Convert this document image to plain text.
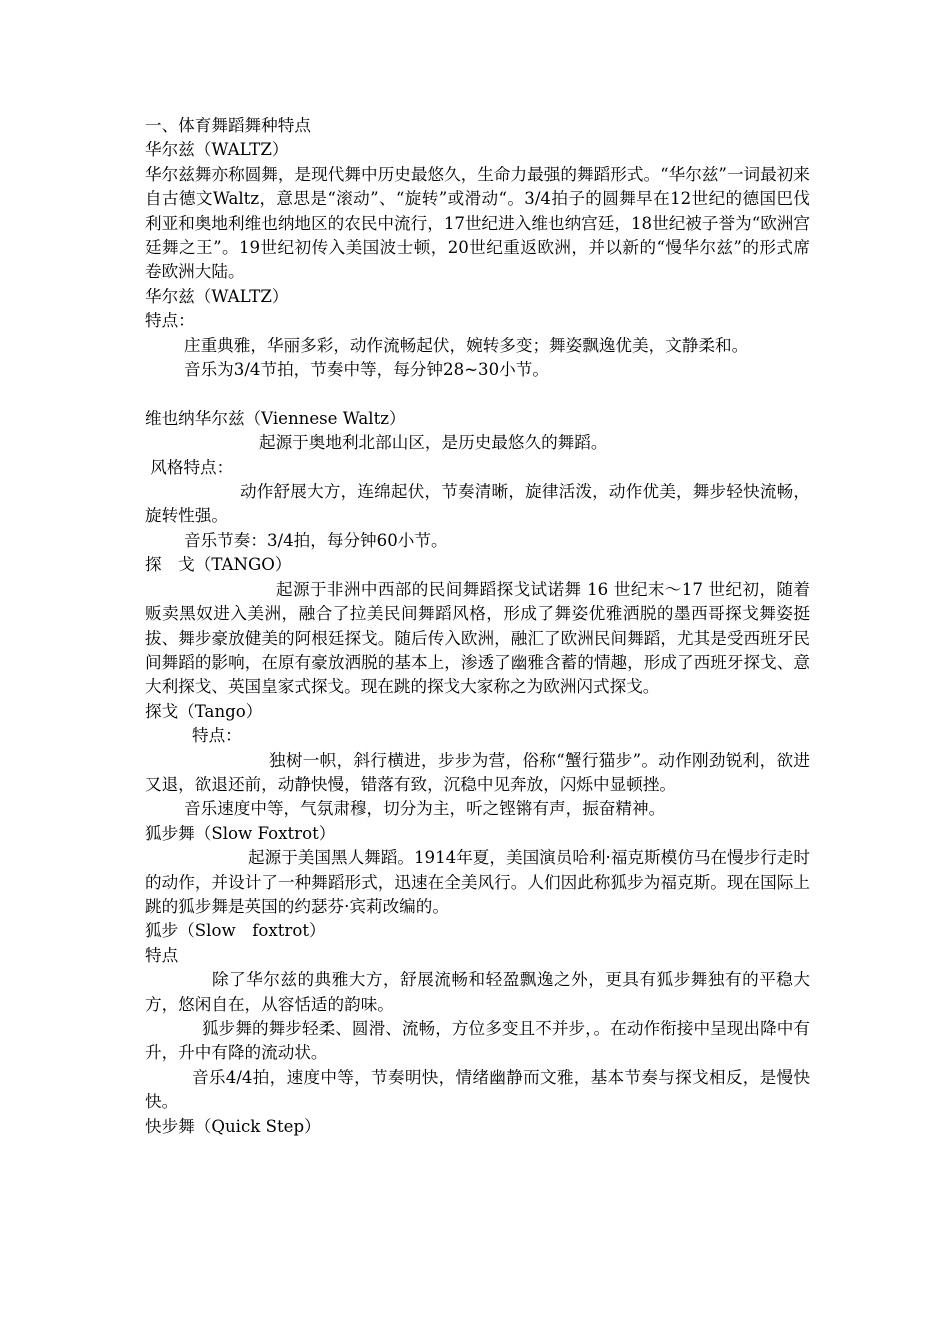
一、体育舞蹈舞种特点

华尔兹（WALTZ）

华尔兹舞亦称圆舞，是现代舞中历史最悠久，生命力最强的舞蹈形式。“华尔兹”一词最初来自古德文Waltz，意思是“滚动”、“旋转”或滑动“。3/4拍子的圆舞早在12世纪的德国巴伐利亚和奥地利维也纳地区的农民中流行，17世纪进入维也纳宫廷，18世纪被子誉为“欧洲宫廷舞之王”。19世纪初传入美国波士顿，20世纪重返欧洲，并以新的“慢华尔兹”的形式席卷欧洲大陆。

华尔兹（WALTZ）

特点：

庄重典雅，华丽多彩，动作流畅起伏，婉转多变；舞姿飘逸优美，文静柔和。

音乐为3/4节拍，节奏中等，每分钟28~30小节。

维也纳华尔兹（Viennese Waltz）

起源于奥地利北部山区，是历史最悠久的舞蹈。

风格特点：

动作舒展大方，连绵起伏，节奏清晰，旋律活泼，动作优美，舞步轻快流畅，旋转性强。

音乐节奏：3/4拍，每分钟60小节。

探　戈（TANGO）

起源于非洲中西部的民间舞蹈探戈试诺舞 16 世纪末～17 世纪初，随着贩卖黑奴进入美洲，融合了拉美民间舞蹈风格，形成了舞姿优雅洒脱的墨西哥探戈舞姿挺拔、舞步豪放健美的阿根廷探戈。随后传入欧洲，融汇了欧洲民间舞蹈，尤其是受西班牙民间舞蹈的影响，在原有豪放洒脱的基本上，渗透了幽雅含蓄的情趣，形成了西班牙探戈、意大利探戈、英国皇家式探戈。现在跳的探戈大家称之为欧洲闪式探戈。

探戈（Tango）

特点：

独树一帜，斜行横进，步步为营，俗称“蟹行猫步”。动作刚劲锐利，欲进又退，欲退还前，动静快慢，错落有致，沉稳中见奔放，闪烁中显顿挫。

音乐速度中等，气氛肃穆，切分为主，听之铿锵有声，振奋精神。

狐步舞（Slow Foxtrot）

起源于美国黑人舞蹈。1914年夏，美国演员哈利·福克斯模仿马在慢步行走时的动作，并设计了一种舞蹈形式，迅速在全美风行。人们因此称狐步为福克斯。现在国际上跳的狐步舞是英国的约瑟芬·宾莉改编的。

狐步（Slow　foxtrot）

特点

除了华尔兹的典雅大方，舒展流畅和轻盈飘逸之外，更具有狐步舞独有的平稳大方，悠闲自在，从容恬适的韵味。

狐步舞的舞步轻柔、圆滑、流畅，方位多变且不并步，。在动作衔接中呈现出降中有升，升中有降的流动状。

音乐4/4拍，速度中等，节奏明快，情绪幽静而文雅，基本节奏与探戈相反，是慢快快。

快步舞（Quick Step）
